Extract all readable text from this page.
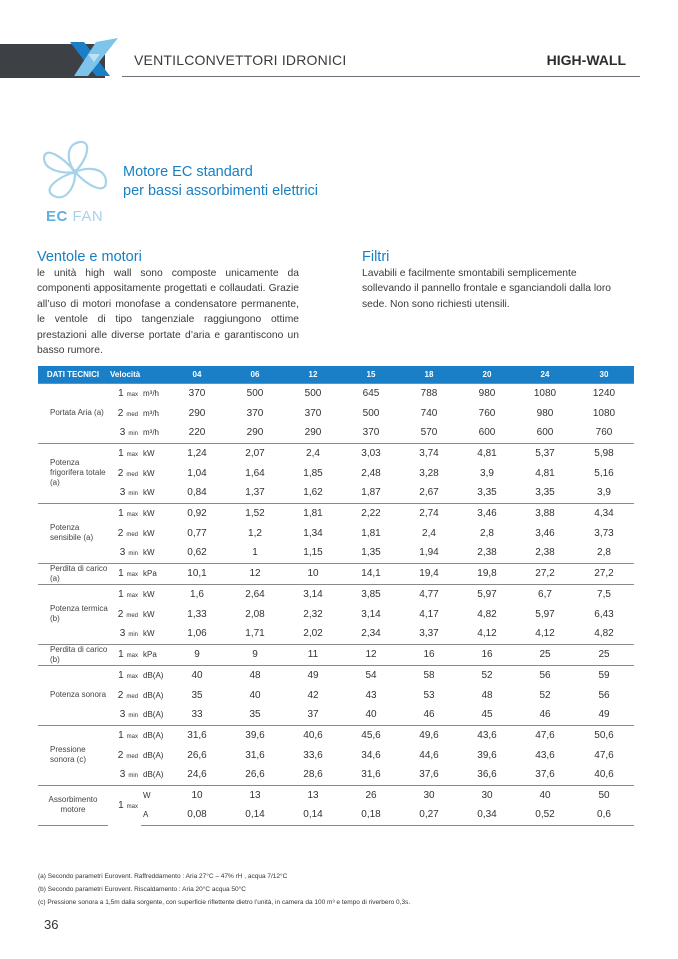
VENTILCONVETTORI IDRONICI	HIGH-WALL
EC FAN
Motore EC standard
per bassi assorbimenti elettrici
Ventole e motori
le unità high wall sono composte unicamente da componenti appositamente progettati e collaudati. Grazie all’uso di motori monofase a condensatore permanente, le ventole di tipo tangenziale raggiungono ottime prestazioni alle diverse portate d’aria e garantiscono un basso rumore.
Filtri
Lavabili e facilmente smontabili semplicemente sollevando il pannello frontale e sganciandoli dalla loro sede. Non sono richiesti utensili.
DATI TECNICI	Velocità		04	06	12	15	18	20	24	30
Portata Aria (a)	1 max	m³/h	370	500	500	645	788	980	1080	1240
	2 med	m³/h	290	370	370	500	740	760	980	1080
	3 min	m³/h	220	290	290	370	570	600	600	760
Potenza frigorifera totale (a)	1 max	kW	1,24	2,07	2,4	3,03	3,74	4,81	5,37	5,98
	2 med	kW	1,04	1,64	1,85	2,48	3,28	3,9	4,81	5,16
	3 min	kW	0,84	1,37	1,62	1,87	2,67	3,35	3,35	3,9
Potenza sensibile (a)	1 max	kW	0,92	1,52	1,81	2,22	2,74	3,46	3,88	4,34
	2 med	kW	0,77	1,2	1,34	1,81	2,4	2,8	3,46	3,73
	3 min	kW	0,62	1	1,15	1,35	1,94	2,38	2,38	2,8
Perdita di carico (a)	1 max	kPa	10,1	12	10	14,1	19,4	19,8	27,2	27,2
Potenza termica (b)	1 max	kW	1,6	2,64	3,14	3,85	4,77	5,97	6,7	7,5
	2 med	kW	1,33	2,08	2,32	3,14	4,17	4,82	5,97	6,43
	3 min	kW	1,06	1,71	2,02	2,34	3,37	4,12	4,12	4,82
Perdita di carico (b)	1 max	kPa	9	9	11	12	16	16	25	25
Potenza sonora	1 max	dB(A)	40	48	49	54	58	52	56	59
	2 med	dB(A)	35	40	42	43	53	48	52	56
	3 min	dB(A)	33	35	37	40	46	45	46	49
Pressione sonora (c)	1 max	dB(A)	31,6	39,6	40,6	45,6	49,6	43,6	47,6	50,6
	2 med	dB(A)	26,6	31,6	33,6	34,6	44,6	39,6	43,6	47,6
	3 min	dB(A)	24,6	26,6	28,6	31,6	37,6	36,6	37,6	40,6
Assorbimento motore	1 max	W	10	13	13	26	30	30	40	50
		A	0,08	0,14	0,14	0,18	0,27	0,34	0,52	0,6
(a) Secondo parametri Eurovent. Raffreddamento : Aria 27°C – 47% rH , acqua 7/12°C
(b) Secondo parametri Eurovent. Riscaldamento : Aria 20°C acqua 50°C
(c) Pressione sonora a 1,5m dalla sorgente, con superficie riflettente dietro l’unità, in camera da 100 m³ e tempo di riverbero 0,3s.
36
